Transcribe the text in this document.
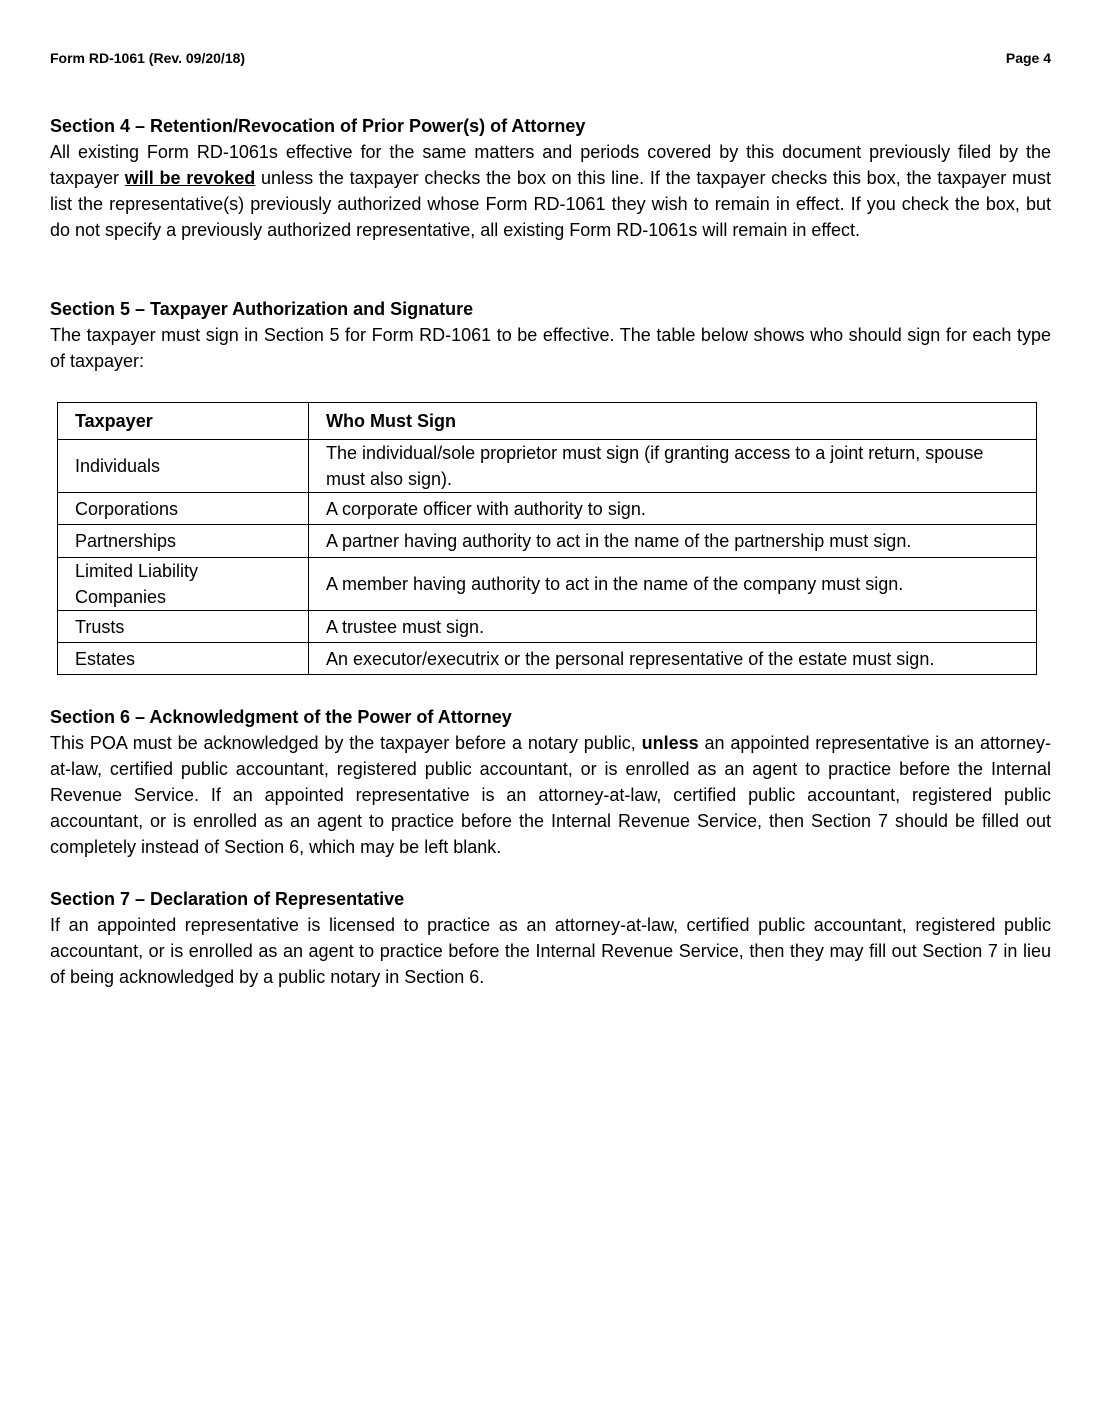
Form RD-1061 (Rev. 09/20/18)	Page 4
Section 4 – Retention/Revocation of Prior Power(s) of Attorney

All existing Form RD-1061s effective for the same matters and periods covered by this document previously filed by the taxpayer will be revoked unless the taxpayer checks the box on this line. If the taxpayer checks this box, the taxpayer must list the representative(s) previously authorized whose Form RD-1061 they wish to remain in effect. If you check the box, but do not specify a previously authorized representative, all existing Form RD-1061s will remain in effect.

Section 5 – Taxpayer Authorization and Signature

The taxpayer must sign in Section 5 for Form RD-1061 to be effective. The table below shows who should sign for each type of taxpayer:

Taxpayer	Who Must Sign
Individuals	The individual/sole proprietor must sign (if granting access to a joint return, spouse must also sign).
Corporations	A corporate officer with authority to sign.
Partnerships	A partner having authority to act in the name of the partnership must sign.
Limited Liability Companies	A member having authority to act in the name of the company must sign.
Trusts	A trustee must sign.
Estates	An executor/executrix or the personal representative of the estate must sign.
Section 6 – Acknowledgment of the Power of Attorney

This POA must be acknowledged by the taxpayer before a notary public, unless an appointed representative is an attorney-at-law, certified public accountant, registered public accountant, or is enrolled as an agent to practice before the Internal Revenue Service. If an appointed representative is an attorney-at-law, certified public accountant, registered public accountant, or is enrolled as an agent to practice before the Internal Revenue Service, then Section 7 should be filled out completely instead of Section 6, which may be left blank.

Section 7 – Declaration of Representative

If an appointed representative is licensed to practice as an attorney-at-law, certified public accountant, registered public accountant, or is enrolled as an agent to practice before the Internal Revenue Service, then they may fill out Section 7 in lieu of being acknowledged by a public notary in Section 6.
